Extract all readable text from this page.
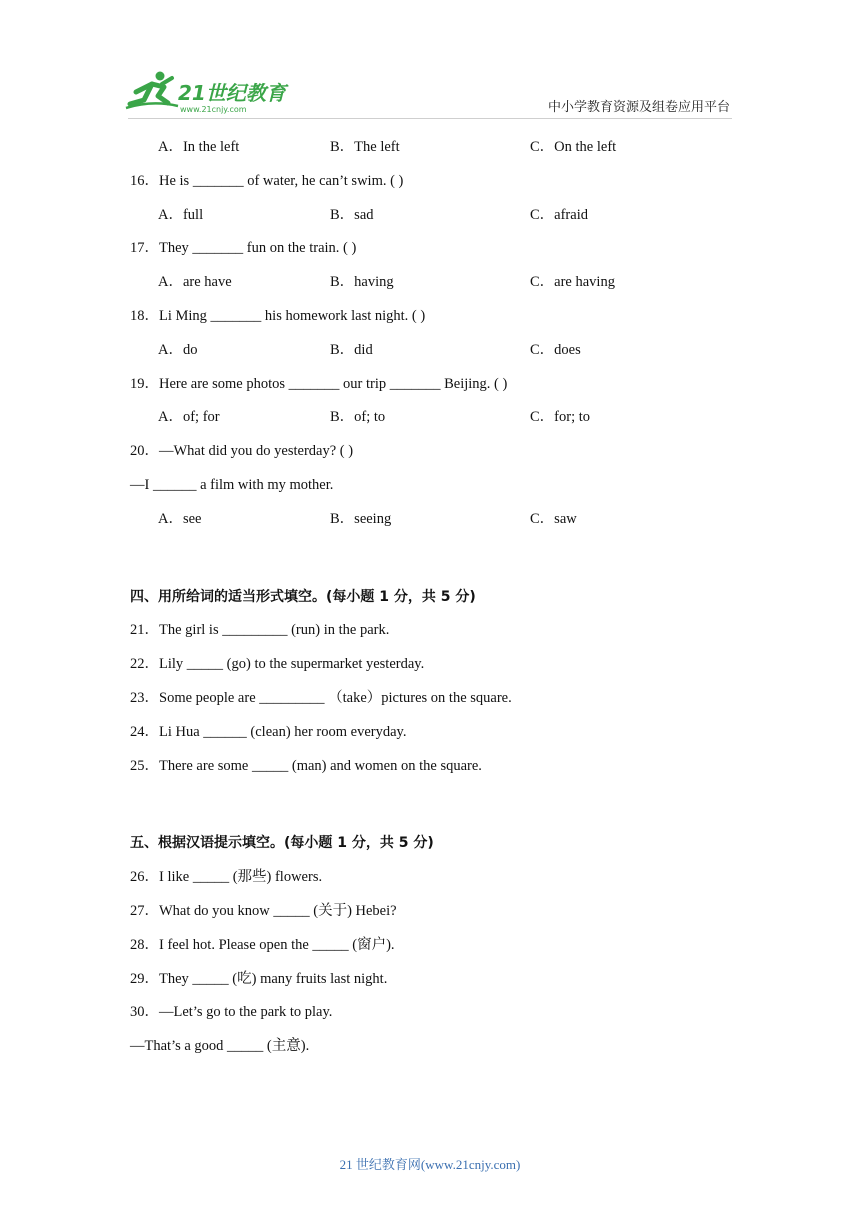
21世纪教育
www.21cnjy.com	中小学教育资源及组卷应用平台
A．In the left	B．The left	C．On the left
16．He is _______ of water, he can’t swim. ( )
A．full	B．sad	C．afraid
17．They _______ fun on the train. ( )
A．are have	B．having	C．are having
18．Li Ming _______ his homework last night. ( )
A．do	B．did	C．does
19．Here are some photos _______ our trip _______ Beijing. ( )
A．of; for	B．of; to	C．for; to
20．—What did you do yesterday? ( )
—I ______ a film with my mother.
A．see	B．seeing	C．saw
四、用所给词的适当形式填空。(每小题 1 分，共 5 分)
21．The girl is _________ (run) in the park.
22．Lily _____ (go) to the supermarket yesterday.
23．Some people are _________ （take）pictures on the square.
24．Li Hua ______ (clean) her room everyday.
25．There are some _____ (man) and women on the square.
五、根据汉语提示填空。(每小题 1 分，共 5 分)
26．I like _____ (那些) flowers.
27．What do you know _____ (关于) Hebei?
28．I feel hot. Please open the _____ (窗户).
29．They _____ (吃) many fruits last night.
30．—Let’s go to the park to play.
—That’s a good _____ (主意).
21 世纪教育网(www.21cnjy.com)
